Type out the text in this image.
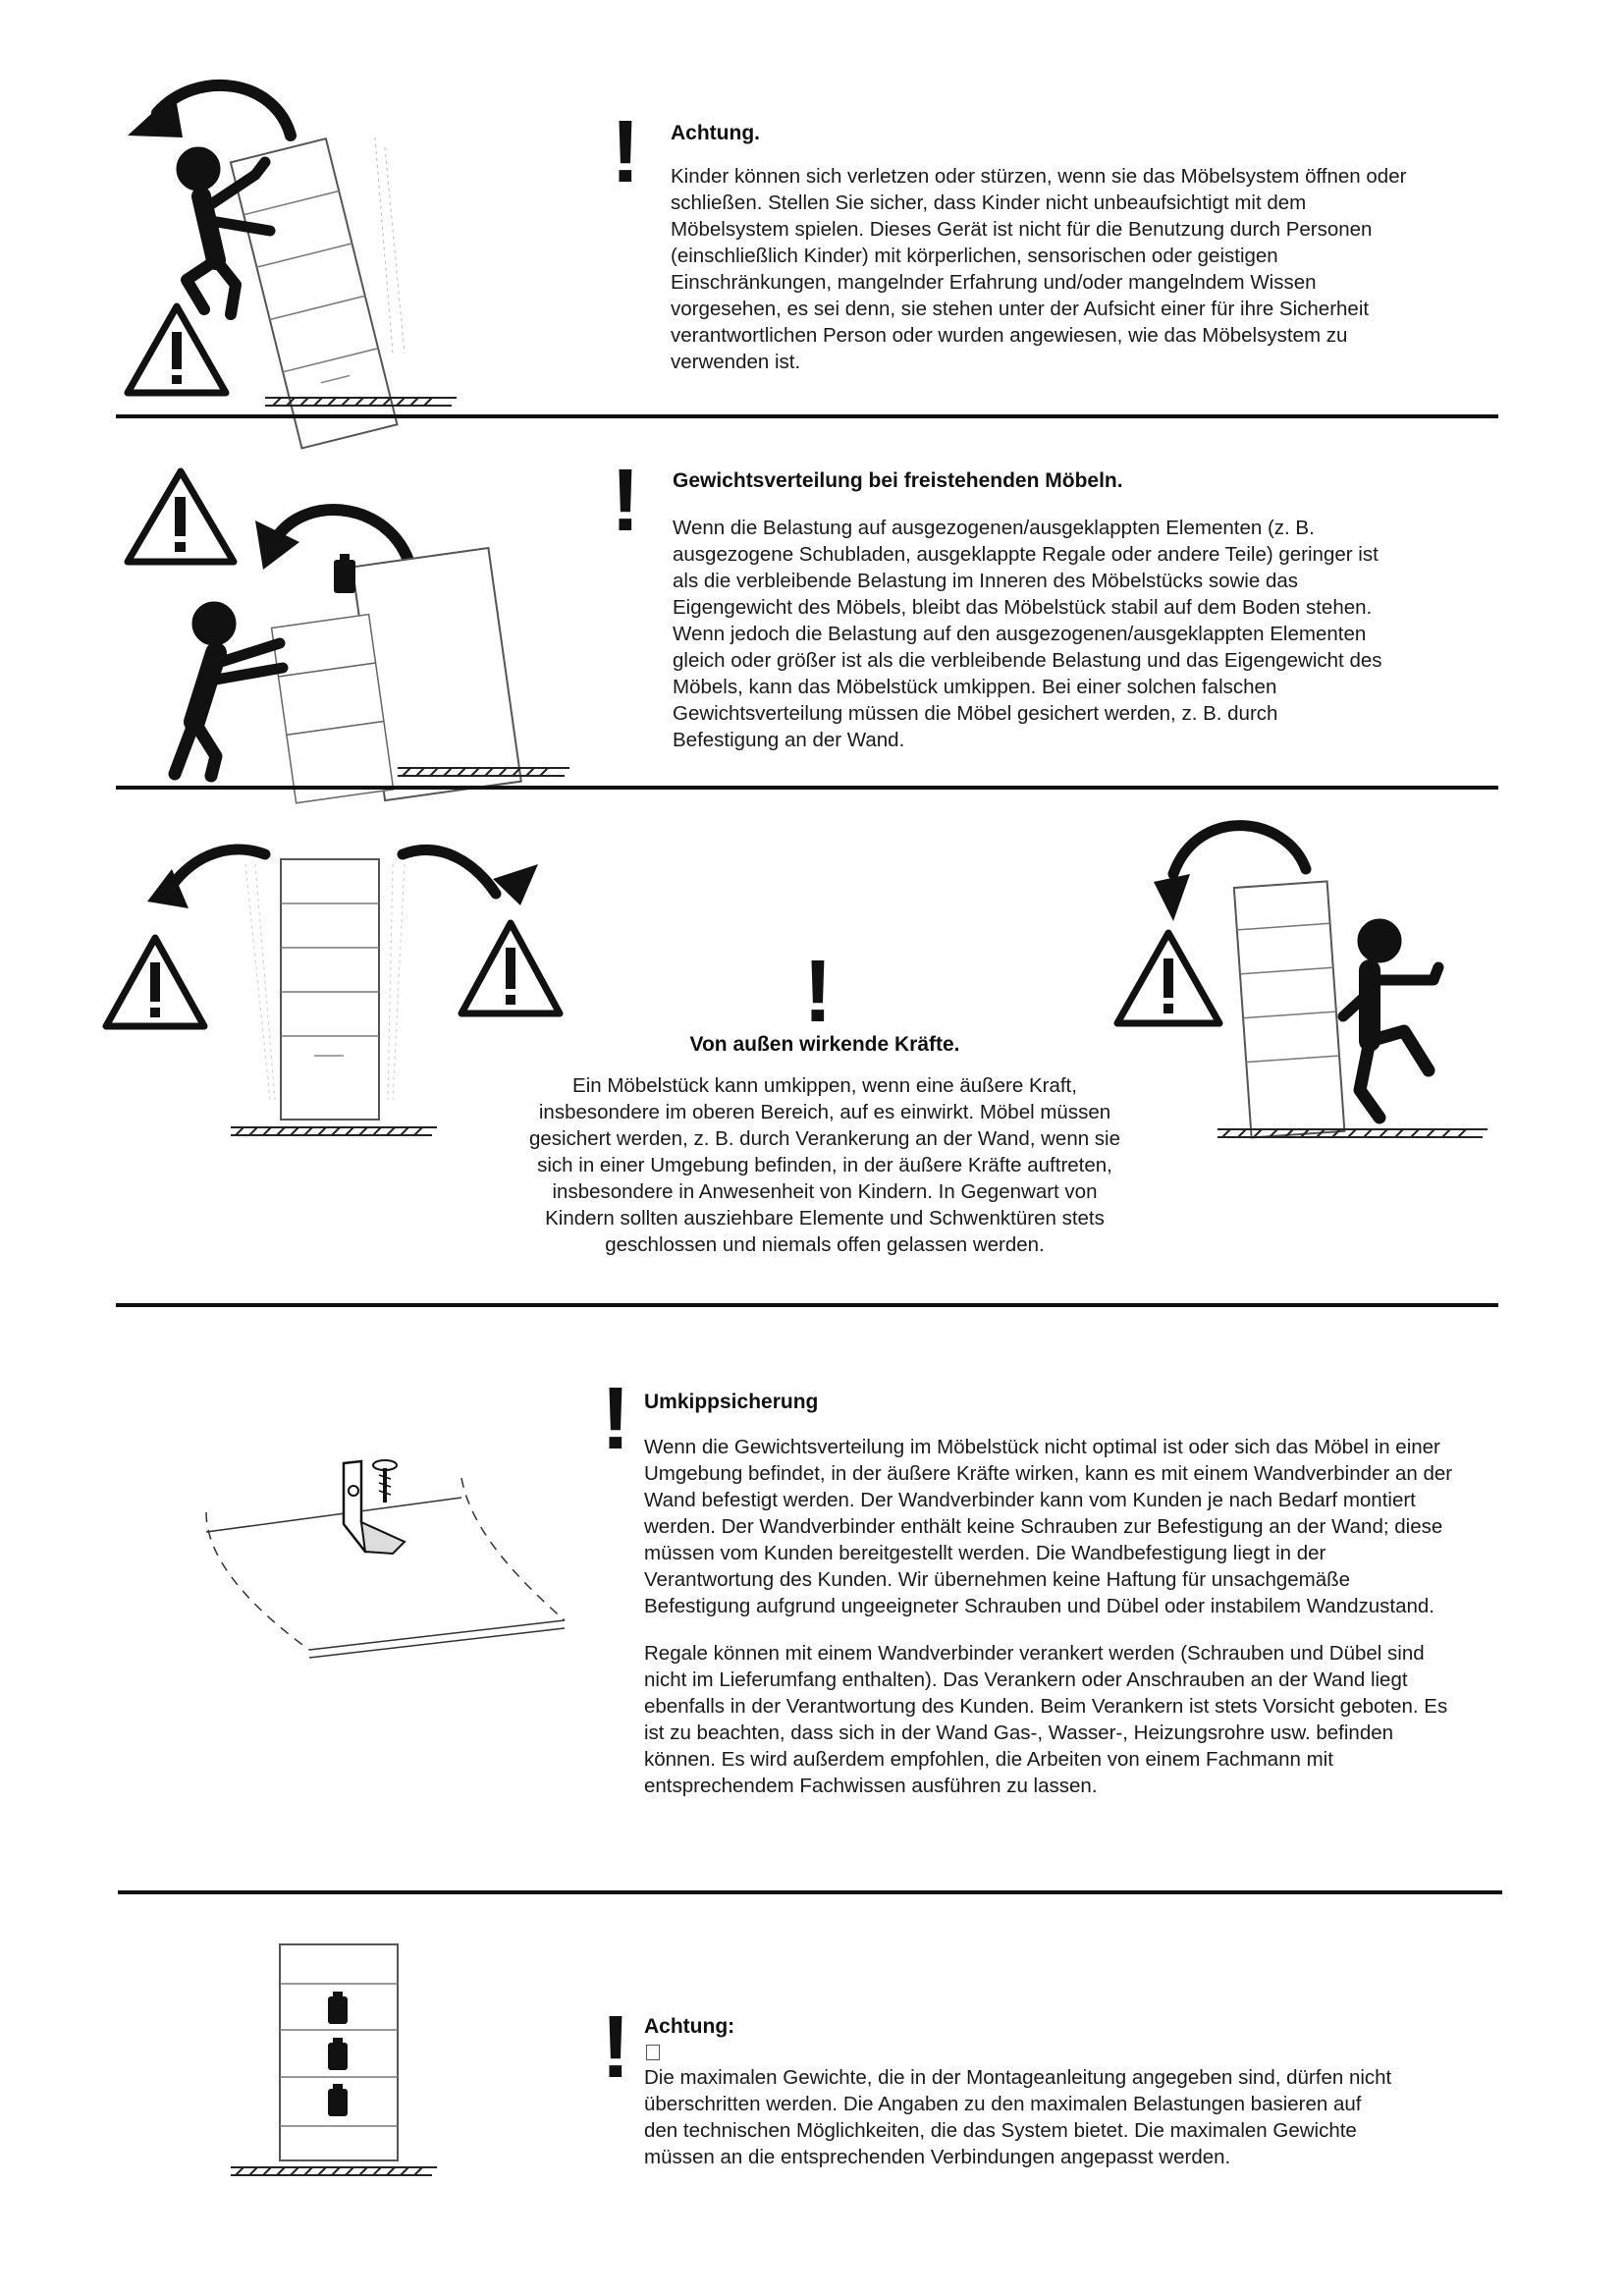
! Achtung.
Kinder können sich verletzen oder stürzen, wenn sie das Möbelsystem öffnen oder
schließen. Stellen Sie sicher, dass Kinder nicht unbeaufsichtigt mit dem
Möbelsystem spielen. Dieses Gerät ist nicht für die Benutzung durch Personen
(einschließlich Kinder) mit körperlichen, sensorischen oder geistigen
Einschränkungen, mangelnder Erfahrung und/oder mangelndem Wissen
vorgesehen, es sei denn, sie stehen unter der Aufsicht einer für ihre Sicherheit
verantwortlichen Person oder wurden angewiesen, wie das Möbelsystem zu
verwenden ist.
! Gewichtsverteilung bei freistehenden Möbeln.
Wenn die Belastung auf ausgezogenen/ausgeklappten Elementen (z. B.
ausgezogene Schubladen, ausgeklappte Regale oder andere Teile) geringer ist
als die verbleibende Belastung im Inneren des Möbelstücks sowie das
Eigengewicht des Möbels, bleibt das Möbelstück stabil auf dem Boden stehen.
Wenn jedoch die Belastung auf den ausgezogenen/ausgeklappten Elementen
gleich oder größer ist als die verbleibende Belastung und das Eigengewicht des
Möbels, kann das Möbelstück umkippen. Bei einer solchen falschen
Gewichtsverteilung müssen die Möbel gesichert werden, z. B. durch
Befestigung an der Wand.
!
Von außen wirkende Kräfte.
Ein Möbelstück kann umkippen, wenn eine äußere Kraft,
insbesondere im oberen Bereich, auf es einwirkt. Möbel müssen
gesichert werden, z. B. durch Verankerung an der Wand, wenn sie
sich in einer Umgebung befinden, in der äußere Kräfte auftreten,
insbesondere in Anwesenheit von Kindern. In Gegenwart von
Kindern sollten ausziehbare Elemente und Schwenktüren stets
geschlossen und niemals offen gelassen werden.
! Umkippsicherung
Wenn die Gewichtsverteilung im Möbelstück nicht optimal ist oder sich das Möbel in einer
Umgebung befindet, in der äußere Kräfte wirken, kann es mit einem Wandverbinder an der
Wand befestigt werden. Der Wandverbinder kann vom Kunden je nach Bedarf montiert
werden. Der Wandverbinder enthält keine Schrauben zur Befestigung an der Wand; diese
müssen vom Kunden bereitgestellt werden. Die Wandbefestigung liegt in der
Verantwortung des Kunden. Wir übernehmen keine Haftung für unsachgemäße
Befestigung aufgrund ungeeigneter Schrauben und Dübel oder instabilem Wandzustand.
Regale können mit einem Wandverbinder verankert werden (Schrauben und Dübel sind
nicht im Lieferumfang enthalten). Das Verankern oder Anschrauben an der Wand liegt
ebenfalls in der Verantwortung des Kunden. Beim Verankern ist stets Vorsicht geboten. Es
ist zu beachten, dass sich in der Wand Gas-, Wasser-, Heizungsrohre usw. befinden
können. Es wird außerdem empfohlen, die Arbeiten von einem Fachmann mit
entsprechendem Fachwissen ausführen zu lassen.
! Achtung:
Die maximalen Gewichte, die in der Montageanleitung angegeben sind, dürfen nicht
überschritten werden. Die Angaben zu den maximalen Belastungen basieren auf
den technischen Möglichkeiten, die das System bietet. Die maximalen Gewichte
müssen an die entsprechenden Verbindungen angepasst werden.
